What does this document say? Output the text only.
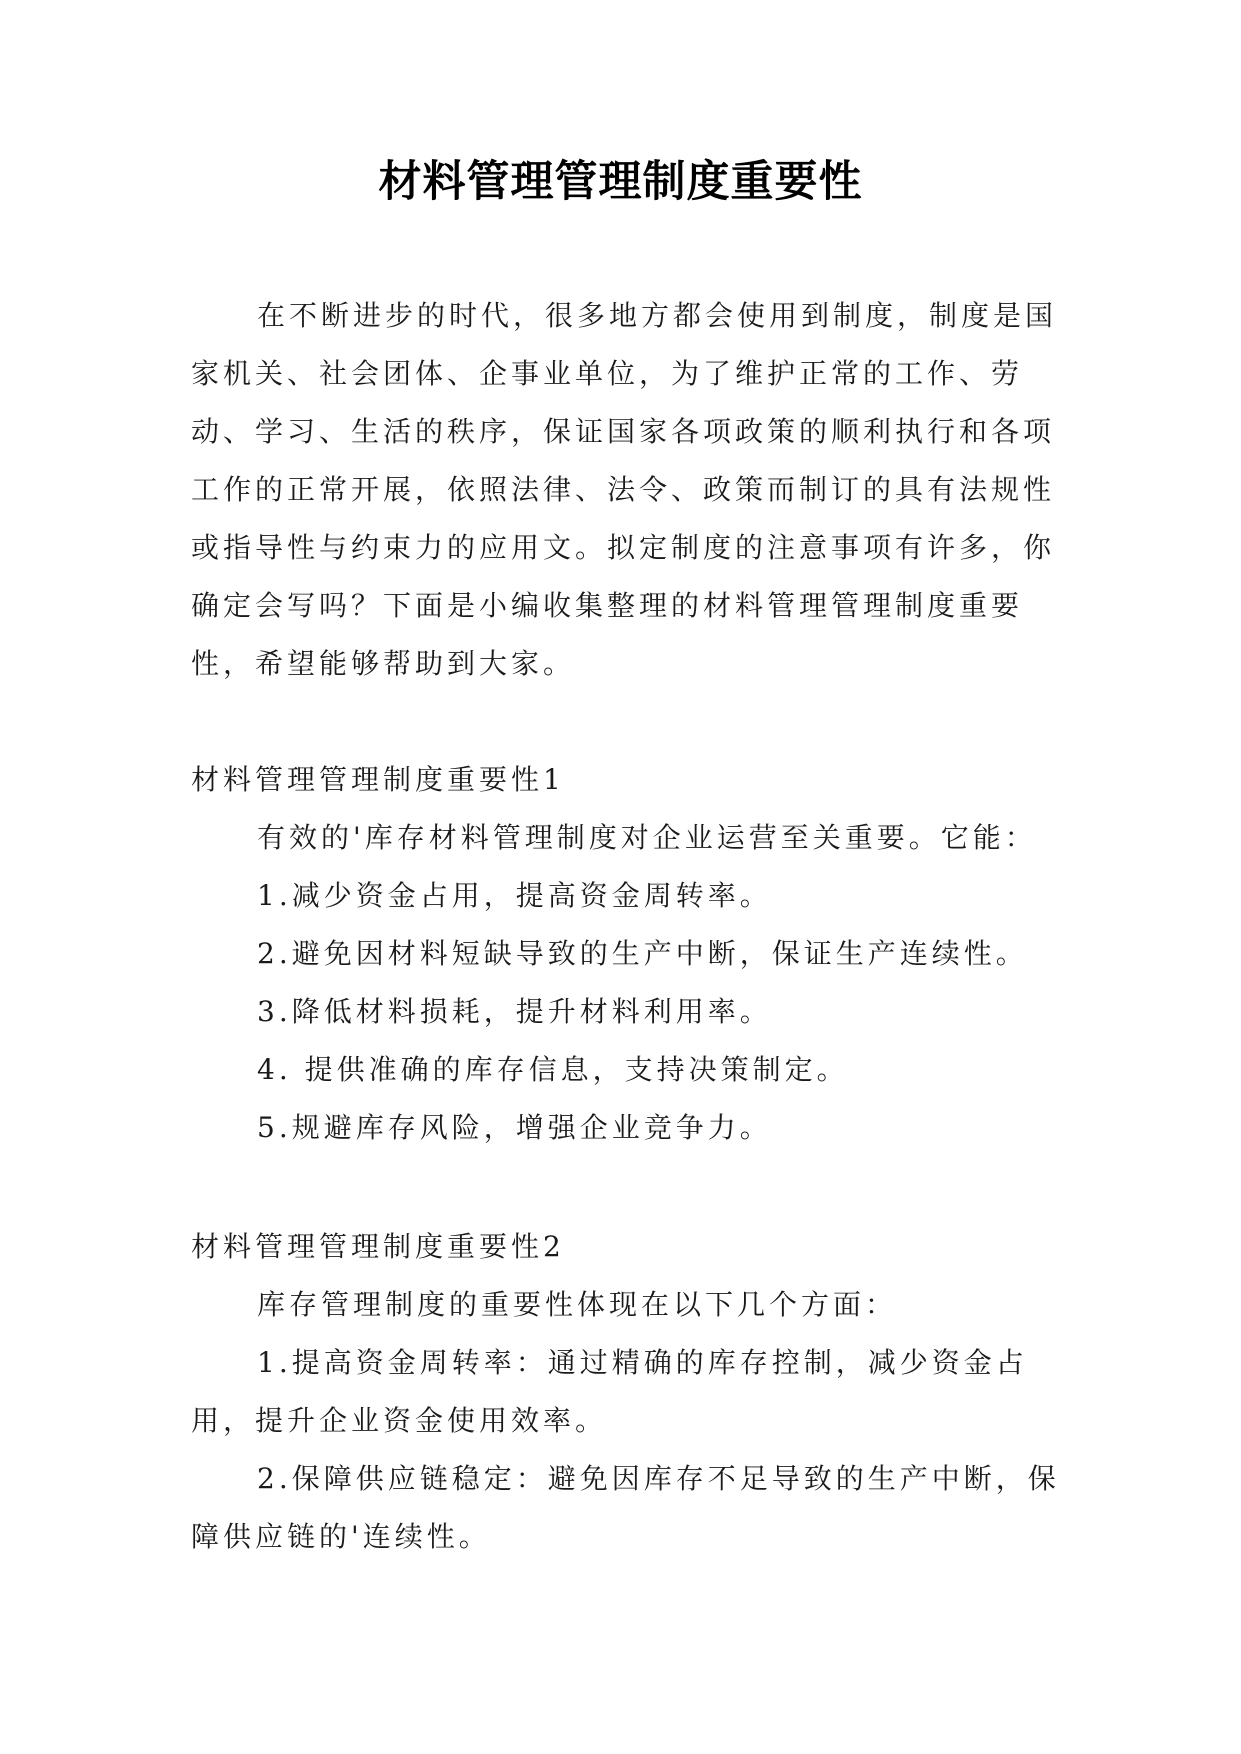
材料管理管理制度重要性
在不断进步的时代，很多地方都会使用到制度，制度是国家机关、社会团体、企事业单位，为了维护正常的工作、劳动、学习、生活的秩序，保证国家各项政策的顺利执行和各项工作的正常开展，依照法律、法令、政策而制订的具有法规性或指导性与约束力的应用文。拟定制度的注意事项有许多，你确定会写吗？下面是小编收集整理的材料管理管理制度重要性，希望能够帮助到大家。
材料管理管理制度重要性1
有效的'库存材料管理制度对企业运营至关重要。它能：
1.减少资金占用，提高资金周转率。
2.避免因材料短缺导致的生产中断，保证生产连续性。
3.降低材料损耗，提升材料利用率。
4. 提供准确的库存信息，支持决策制定。
5.规避库存风险，增强企业竞争力。
材料管理管理制度重要性2
库存管理制度的重要性体现在以下几个方面：
1.提高资金周转率：通过精确的库存控制，减少资金占用，提升企业资金使用效率。
2.保障供应链稳定：避免因库存不足导致的生产中断，保障供应链的'连续性。
